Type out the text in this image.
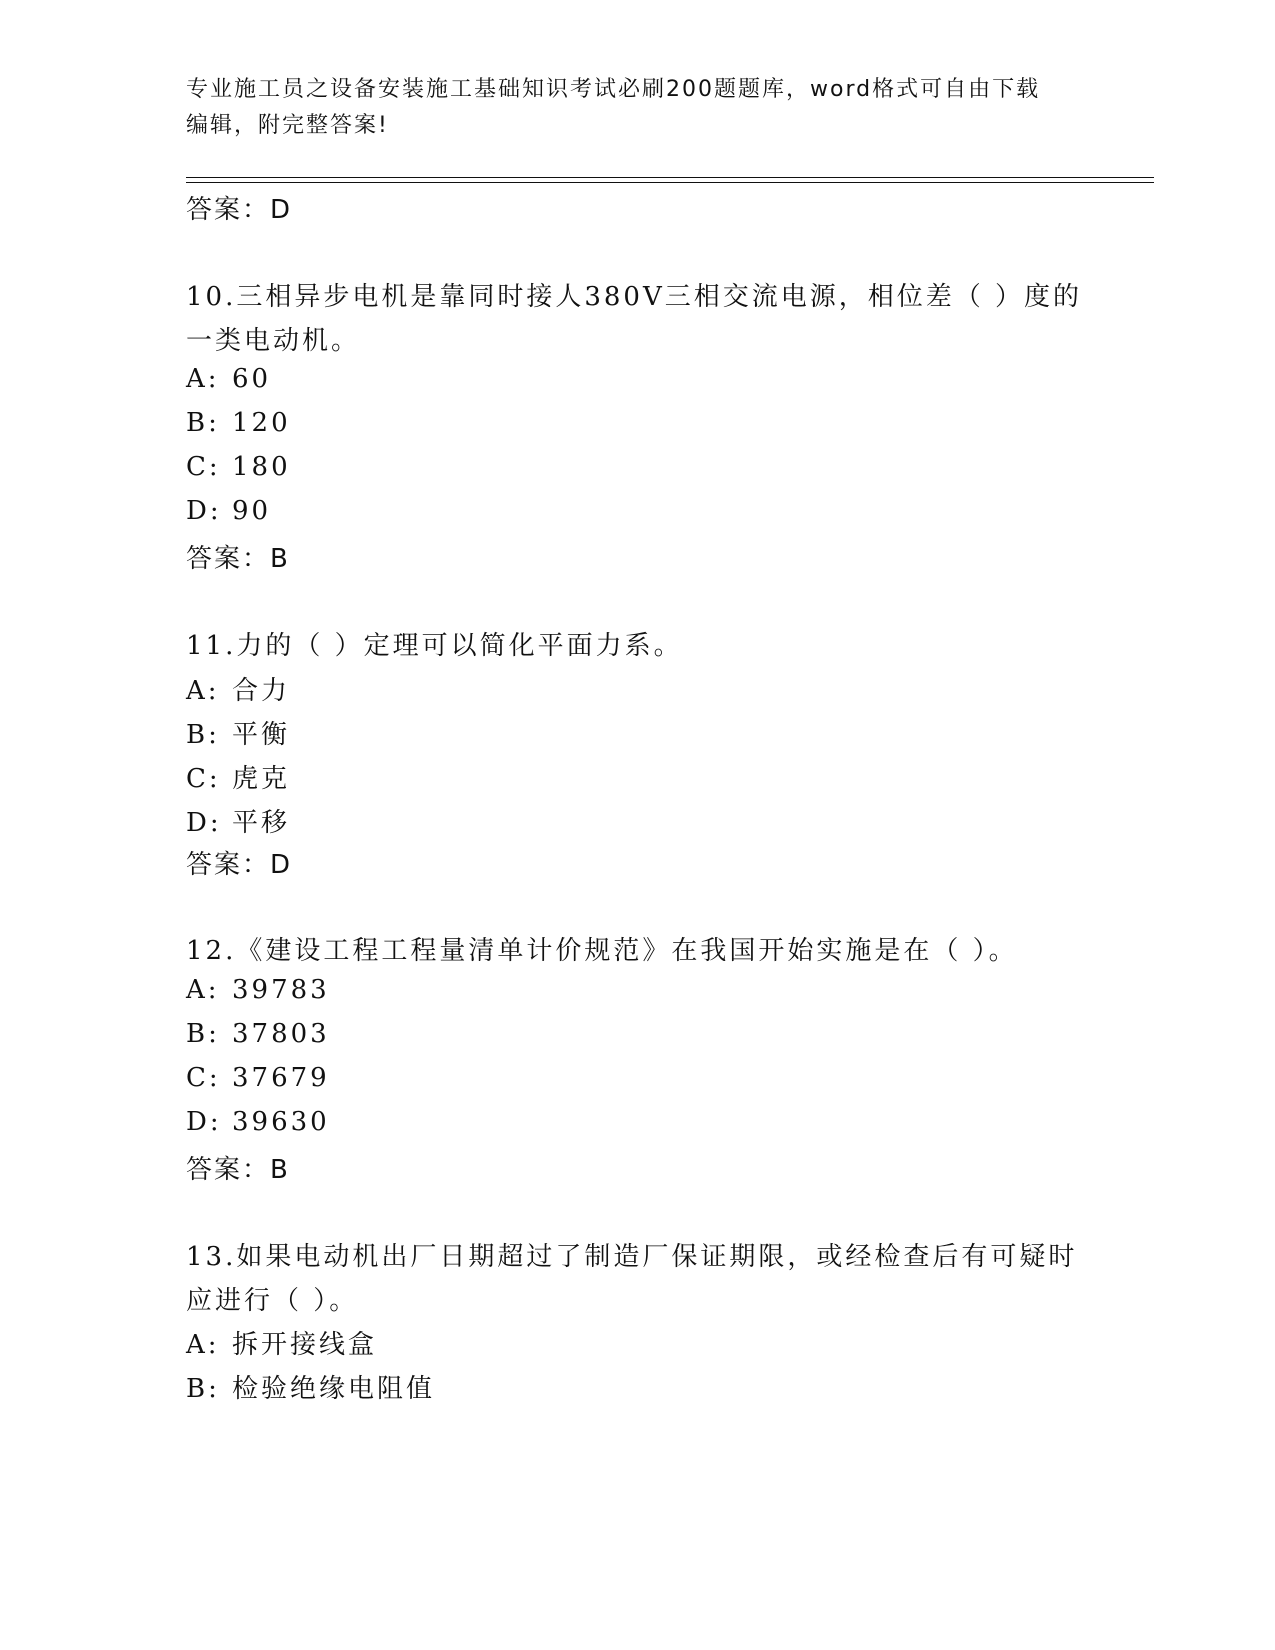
专业施工员之设备安装施工基础知识考试必刷200题题库，word格式可自由下载
编辑，附完整答案!
答案：D
10.三相异步电机是靠同时接人380V三相交流电源，相位差（ ）度的
一类电动机。
A: 60
B: 120
C: 180
D: 90
答案：B
11.力的（ ）定理可以简化平面力系。
A: 合力
B: 平衡
C: 虎克
D: 平移
答案：D
12.《建设工程工程量清单计价规范》在我国开始实施是在（ ）。
A: 39783
B: 37803
C: 37679
D: 39630
答案：B
13.如果电动机出厂日期超过了制造厂保证期限，或经检查后有可疑时
应进行（ ）。
A: 拆开接线盒
B: 检验绝缘电阻值
